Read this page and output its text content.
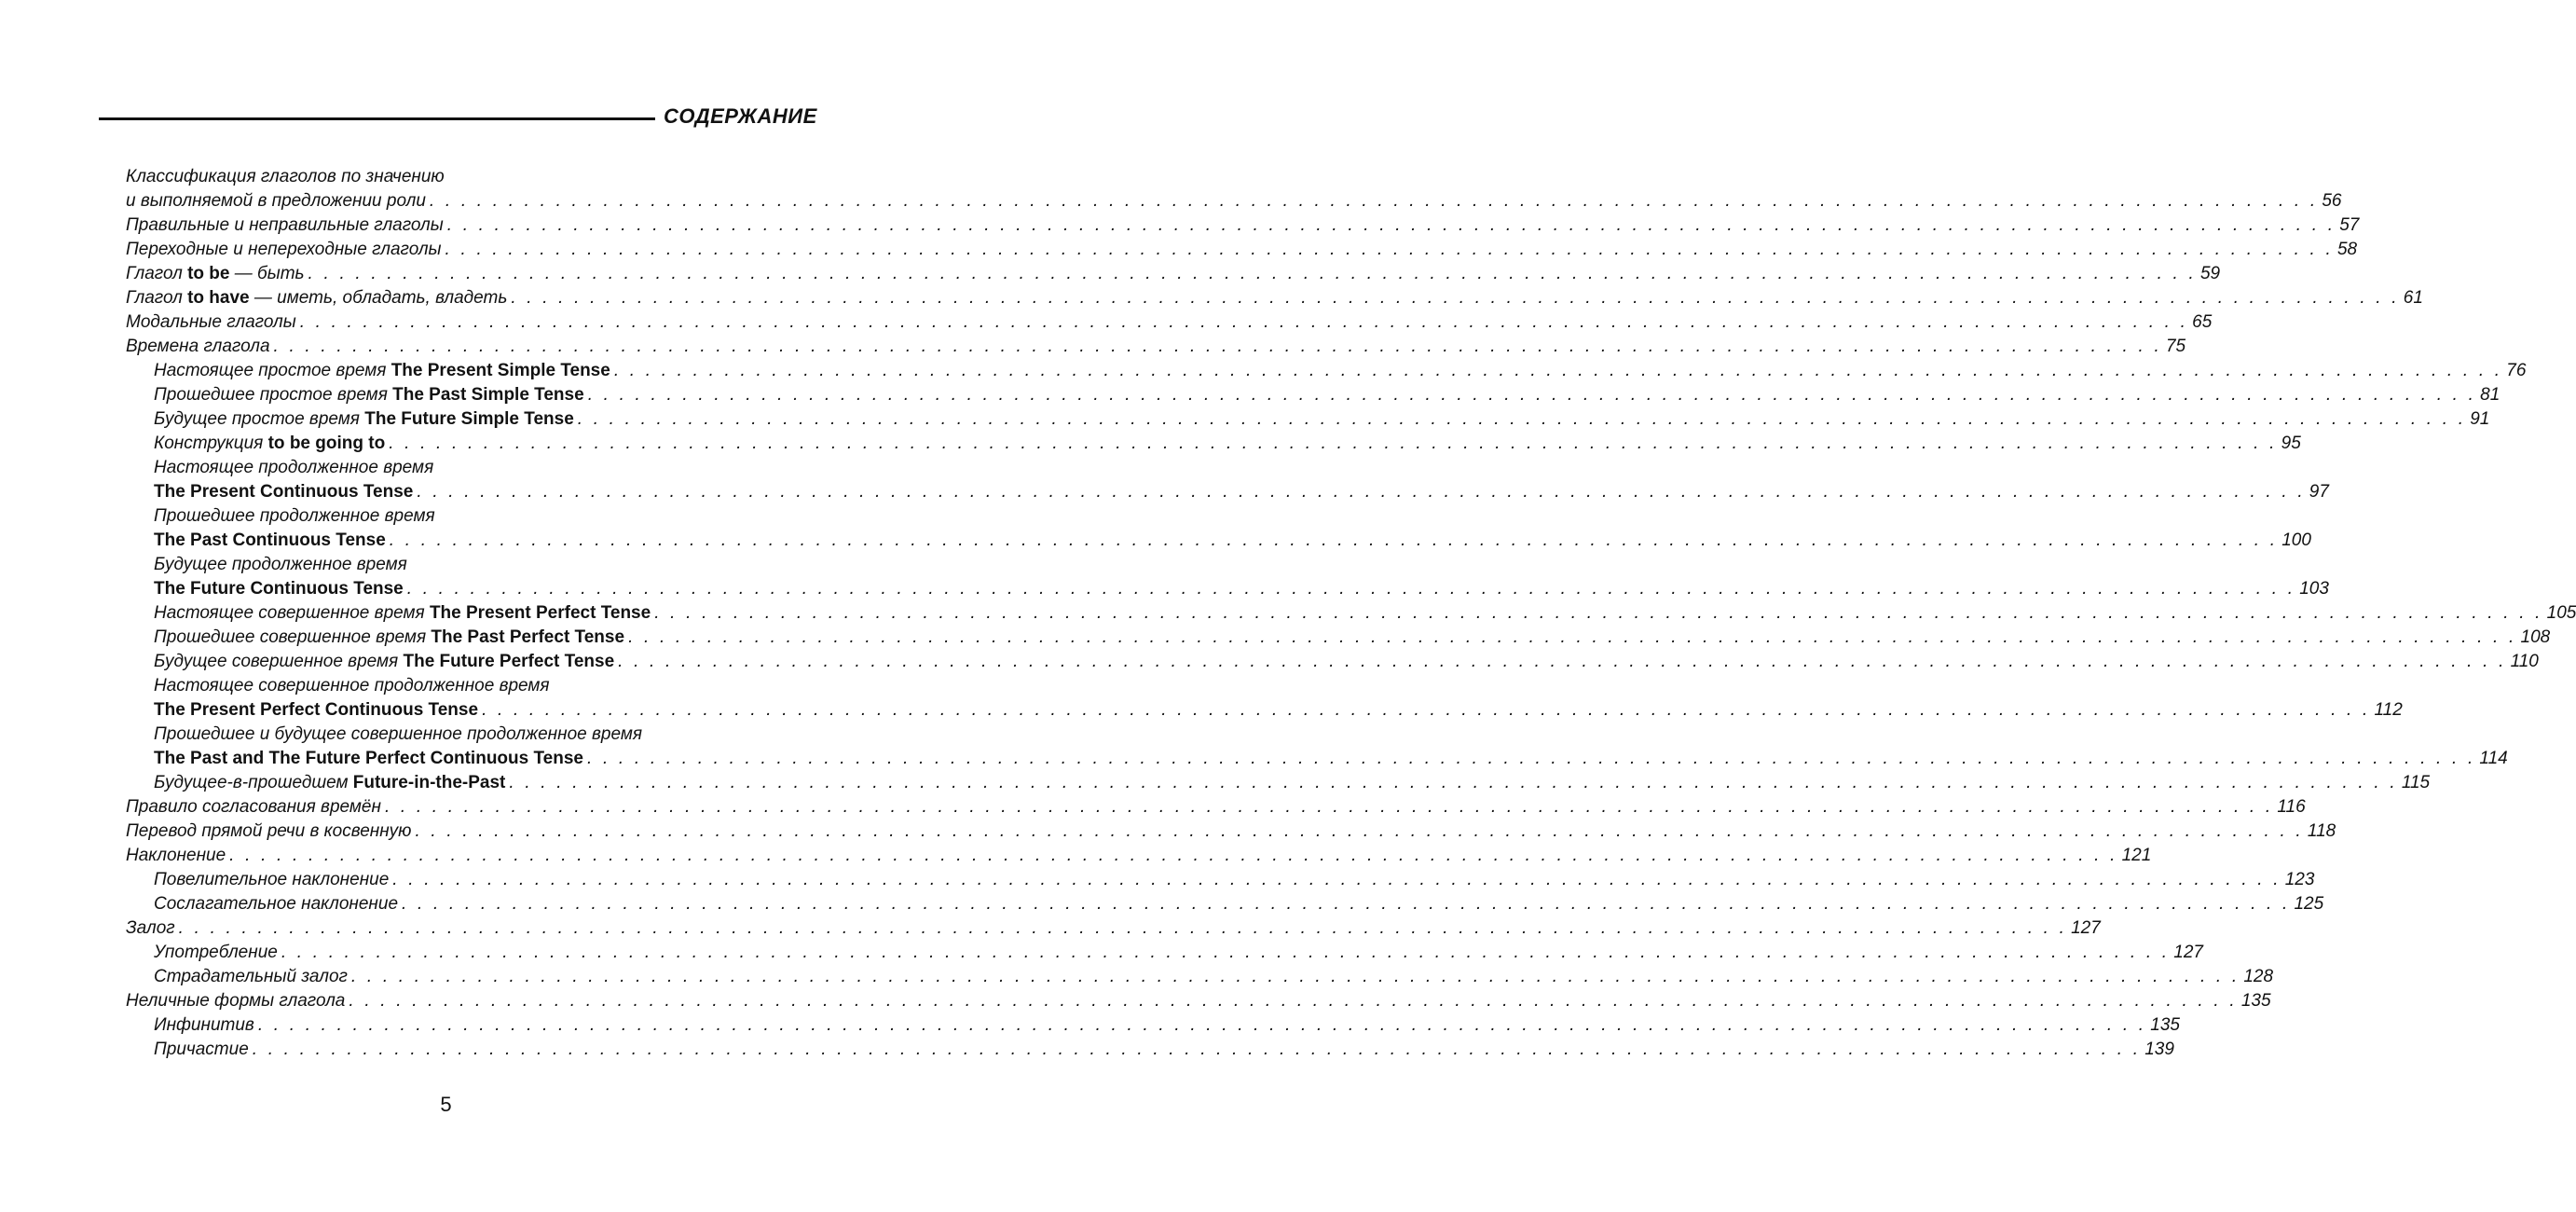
СОДЕРЖАНИЕ
Классификация глаголов по значению
и выполняемой в предложении роли . . . . . . . . . . . . . . . . . . . . . . . . . . . . . . . . . . . . . . . . . . . . . . . . . . . . . . . . . . . . . . . . . . . . . . . . . . . . . . . . . . . . . . . . . . . . . . . . . . . . . . . . . . . . . . . . . . . . . . . . 56
Правильные и неправильные глаголы . . . . . . . . . . . . . . . . . . . . . . . . . . . . . . . . . . . . . . . . . . . . . . . . . . . . . . . . . . . . . . . . . . . . . . . . . . . . . . . . . . . . . . . . . . . . . . . . . . . . . . . . . . . . . . . . . . . . . . . . 57
Переходные и непереходные глаголы . . . . . . . . . . . . . . . . . . . . . . . . . . . . . . . . . . . . . . . . . . . . . . . . . . . . . . . . . . . . . . . . . . . . . . . . . . . . . . . . . . . . . . . . . . . . . . . . . . . . . . . . . . . . . . . . . . . . . . . . 58
Глагол to be — быть . . . . . . . . . . . . . . . . . . . . . . . . . . . . . . . . . . . . . . . . . . . . . . . . . . . . . . . . . . . . . . . . . . . . . . . . . . . . . . . . . . . . . . . . . . . . . . . . . . . . . . . . . . . . . . . . . . . . . . . . 59
Глагол to have — иметь, обладать, владеть . . . . . . . . . . . . . . . . . . . . . . . . . . . . . . . . . . . . . . . . . . . . . . . . . . . . . . . . . . . . . . . . . . . . . . . . . . . . . . . . . . . . . . . . . . . . . . . . . . . . . . . . . . . . . . . . . . . . . . . . 61
Модальные глаголы . . . . . . . . . . . . . . . . . . . . . . . . . . . . . . . . . . . . . . . . . . . . . . . . . . . . . . . . . . . . . . . . . . . . . . . . . . . . . . . . . . . . . . . . . . . . . . . . . . . . . . . . . . . . . . . . . . . . . . . . 65
Времена глагола . . . . . . . . . . . . . . . . . . . . . . . . . . . . . . . . . . . . . . . . . . . . . . . . . . . . . . . . . . . . . . . . . . . . . . . . . . . . . . . . . . . . . . . . . . . . . . . . . . . . . . . . . . . . . . . . . . . . . . . . 75
Настоящее простое время The Present Simple Tense . . . . . . . . . . . . . . . . . . . . . . . . . . . . . . . . . . . . . . . . . . . . . . . . . . . . . . . . . . . . . . . . . . . . . . . . . . . . . . . . . . . . . . . . . . . . . . . . . . . . . . . . . . . . . . . . . . . . . . . . 76
Прошедшее простое время The Past Simple Tense . . . . . . . . . . . . . . . . . . . . . . . . . . . . . . . . . . . . . . . . . . . . . . . . . . . . . . . . . . . . . . . . . . . . . . . . . . . . . . . . . . . . . . . . . . . . . . . . . . . . . . . . . . . . . . . . . . . . . . . . 81
Будущее простое время The Future Simple Tense . . . . . . . . . . . . . . . . . . . . . . . . . . . . . . . . . . . . . . . . . . . . . . . . . . . . . . . . . . . . . . . . . . . . . . . . . . . . . . . . . . . . . . . . . . . . . . . . . . . . . . . . . . . . . . . . . . . . . . . . 91
Конструкция to be going to . . . . . . . . . . . . . . . . . . . . . . . . . . . . . . . . . . . . . . . . . . . . . . . . . . . . . . . . . . . . . . . . . . . . . . . . . . . . . . . . . . . . . . . . . . . . . . . . . . . . . . . . . . . . . . . . . . . . . . . . 95
Настоящее продолженное время
The Present Continuous Tense . . . . . . . . . . . . . . . . . . . . . . . . . . . . . . . . . . . . . . . . . . . . . . . . . . . . . . . . . . . . . . . . . . . . . . . . . . . . . . . . . . . . . . . . . . . . . . . . . . . . . . . . . . . . . . . . . . . . . . . . 97
Прошедшее продолженное время
The Past Continuous Tense . . . . . . . . . . . . . . . . . . . . . . . . . . . . . . . . . . . . . . . . . . . . . . . . . . . . . . . . . . . . . . . . . . . . . . . . . . . . . . . . . . . . . . . . . . . . . . . . . . . . . . . . . . . . . . . . . . . . . . . . 100
Будущее продолженное время
The Future Continuous Tense . . . . . . . . . . . . . . . . . . . . . . . . . . . . . . . . . . . . . . . . . . . . . . . . . . . . . . . . . . . . . . . . . . . . . . . . . . . . . . . . . . . . . . . . . . . . . . . . . . . . . . . . . . . . . . . . . . . . . . . . 103
Настоящее совершенное время The Present Perfect Tense . . . . . . . . . . . . . . . . . . . . . . . . . . . . . . . . . . . . . . . . . . . . . . . . . . . . . . . . . . . . . . . . . . . . . . . . . . . . . . . . . . . . . . . . . . . . . . . . . . . . . . . . . . . . . . . . . . . . . . . . 105
Прошедшее совершенное время The Past Perfect Tense . . . . . . . . . . . . . . . . . . . . . . . . . . . . . . . . . . . . . . . . . . . . . . . . . . . . . . . . . . . . . . . . . . . . . . . . . . . . . . . . . . . . . . . . . . . . . . . . . . . . . . . . . . . . . . . . . . . . . . . . 108
Будущее совершенное время The Future Perfect Tense . . . . . . . . . . . . . . . . . . . . . . . . . . . . . . . . . . . . . . . . . . . . . . . . . . . . . . . . . . . . . . . . . . . . . . . . . . . . . . . . . . . . . . . . . . . . . . . . . . . . . . . . . . . . . . . . . . . . . . . . 110
Настоящее совершенное продолженное время
The Present Perfect Continuous Tense . . . . . . . . . . . . . . . . . . . . . . . . . . . . . . . . . . . . . . . . . . . . . . . . . . . . . . . . . . . . . . . . . . . . . . . . . . . . . . . . . . . . . . . . . . . . . . . . . . . . . . . . . . . . . . . . . . . . . . . . 112
Прошедшее и будущее совершенное продолженное время
The Past and The Future Perfect Continuous Tense . . . . . . . . . . . . . . . . . . . . . . . . . . . . . . . . . . . . . . . . . . . . . . . . . . . . . . . . . . . . . . . . . . . . . . . . . . . . . . . . . . . . . . . . . . . . . . . . . . . . . . . . . . . . . . . . . . . . . . . . 114
Будущее-в-прошедшем Future-in-the-Past . . . . . . . . . . . . . . . . . . . . . . . . . . . . . . . . . . . . . . . . . . . . . . . . . . . . . . . . . . . . . . . . . . . . . . . . . . . . . . . . . . . . . . . . . . . . . . . . . . . . . . . . . . . . . . . . . . . . . . . . 115
Правило согласования времён . . . . . . . . . . . . . . . . . . . . . . . . . . . . . . . . . . . . . . . . . . . . . . . . . . . . . . . . . . . . . . . . . . . . . . . . . . . . . . . . . . . . . . . . . . . . . . . . . . . . . . . . . . . . . . . . . . . . . . . . 116
Перевод прямой речи в косвенную . . . . . . . . . . . . . . . . . . . . . . . . . . . . . . . . . . . . . . . . . . . . . . . . . . . . . . . . . . . . . . . . . . . . . . . . . . . . . . . . . . . . . . . . . . . . . . . . . . . . . . . . . . . . . . . . . . . . . . . . 118
Наклонение . . . . . . . . . . . . . . . . . . . . . . . . . . . . . . . . . . . . . . . . . . . . . . . . . . . . . . . . . . . . . . . . . . . . . . . . . . . . . . . . . . . . . . . . . . . . . . . . . . . . . . . . . . . . . . . . . . . . . . . . 121
Повелительное наклонение . . . . . . . . . . . . . . . . . . . . . . . . . . . . . . . . . . . . . . . . . . . . . . . . . . . . . . . . . . . . . . . . . . . . . . . . . . . . . . . . . . . . . . . . . . . . . . . . . . . . . . . . . . . . . . . . . . . . . . . . 123
Сослагательное наклонение . . . . . . . . . . . . . . . . . . . . . . . . . . . . . . . . . . . . . . . . . . . . . . . . . . . . . . . . . . . . . . . . . . . . . . . . . . . . . . . . . . . . . . . . . . . . . . . . . . . . . . . . . . . . . . . . . . . . . . . . 125
Залог . . . . . . . . . . . . . . . . . . . . . . . . . . . . . . . . . . . . . . . . . . . . . . . . . . . . . . . . . . . . . . . . . . . . . . . . . . . . . . . . . . . . . . . . . . . . . . . . . . . . . . . . . . . . . . . . . . . . . . . . 127
Употребление . . . . . . . . . . . . . . . . . . . . . . . . . . . . . . . . . . . . . . . . . . . . . . . . . . . . . . . . . . . . . . . . . . . . . . . . . . . . . . . . . . . . . . . . . . . . . . . . . . . . . . . . . . . . . . . . . . . . . . . . 127
Страдательный залог . . . . . . . . . . . . . . . . . . . . . . . . . . . . . . . . . . . . . . . . . . . . . . . . . . . . . . . . . . . . . . . . . . . . . . . . . . . . . . . . . . . . . . . . . . . . . . . . . . . . . . . . . . . . . . . . . . . . . . . . 128
Неличные формы глагола . . . . . . . . . . . . . . . . . . . . . . . . . . . . . . . . . . . . . . . . . . . . . . . . . . . . . . . . . . . . . . . . . . . . . . . . . . . . . . . . . . . . . . . . . . . . . . . . . . . . . . . . . . . . . . . . . . . . . . . . 135
Инфинитив . . . . . . . . . . . . . . . . . . . . . . . . . . . . . . . . . . . . . . . . . . . . . . . . . . . . . . . . . . . . . . . . . . . . . . . . . . . . . . . . . . . . . . . . . . . . . . . . . . . . . . . . . . . . . . . . . . . . . . . . 135
Причастие . . . . . . . . . . . . . . . . . . . . . . . . . . . . . . . . . . . . . . . . . . . . . . . . . . . . . . . . . . . . . . . . . . . . . . . . . . . . . . . . . . . . . . . . . . . . . . . . . . . . . . . . . . . . . . . . . . . . . . . . 139
5
